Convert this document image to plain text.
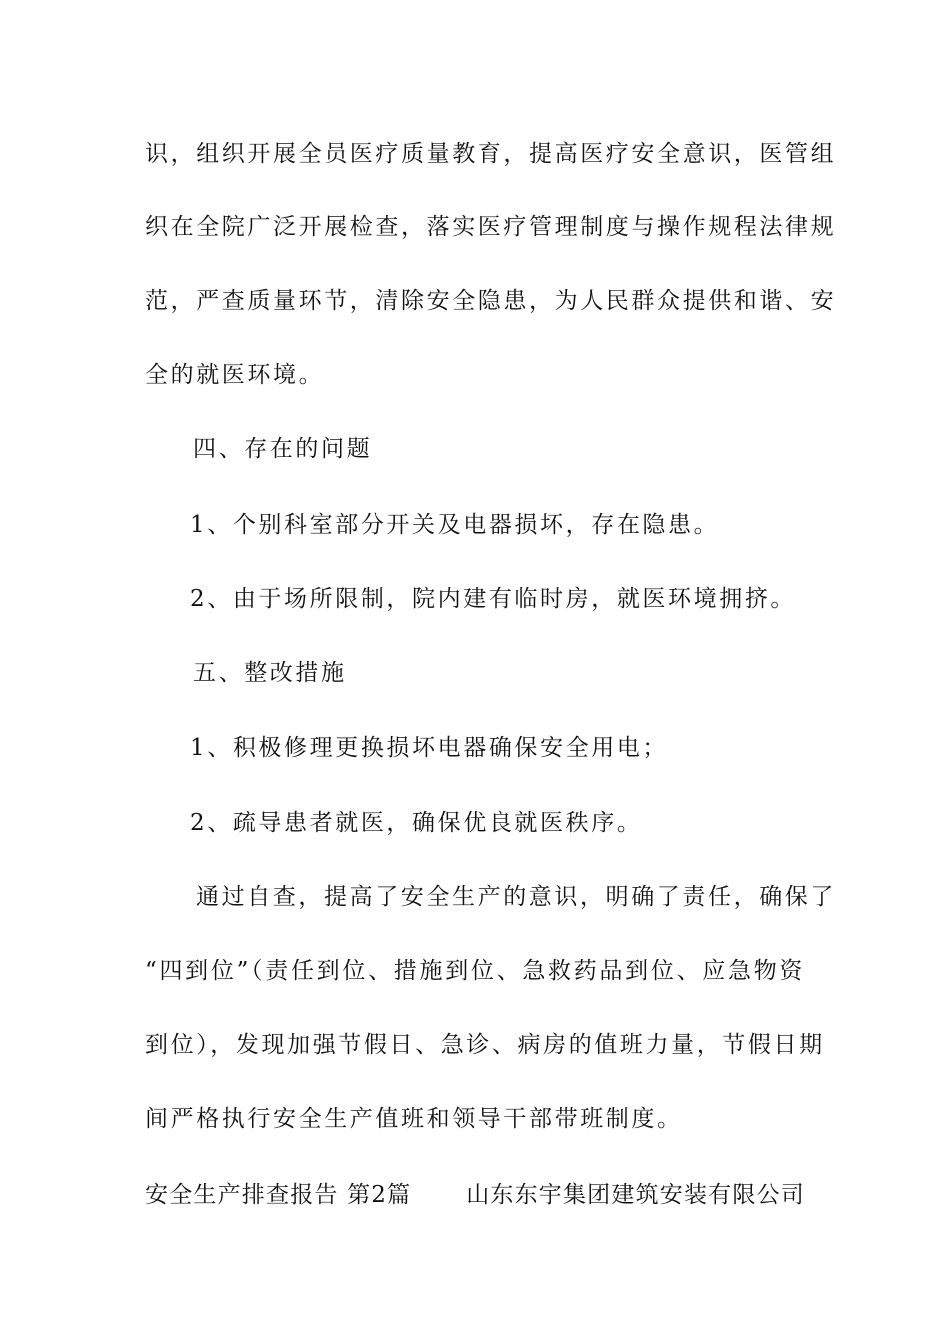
识，组织开展全员医疗质量教育，提高医疗安全意识，医管组
织在全院广泛开展检查，落实医疗管理制度与操作规程法律规
范，严查质量环节，清除安全隐患，为人民群众提供和谐、安
全的就医环境。
四、存在的问题
1、个别科室部分开关及电器损坏，存在隐患。
2、由于场所限制，院内建有临时房，就医环境拥挤。
五、整改措施
1、积极修理更换损坏电器确保安全用电；
2、疏导患者就医，确保优良就医秩序。
通过自查，提高了安全生产的意识，明确了责任，确保了
“四到位”（责任到位、措施到位、急救药品到位、应急物资
到位），发现加强节假日、急诊、病房的值班力量，节假日期
间严格执行安全生产值班和领导干部带班制度。
安全生产排查报告 第2篇 山东东宇集团建筑安装有限公司
